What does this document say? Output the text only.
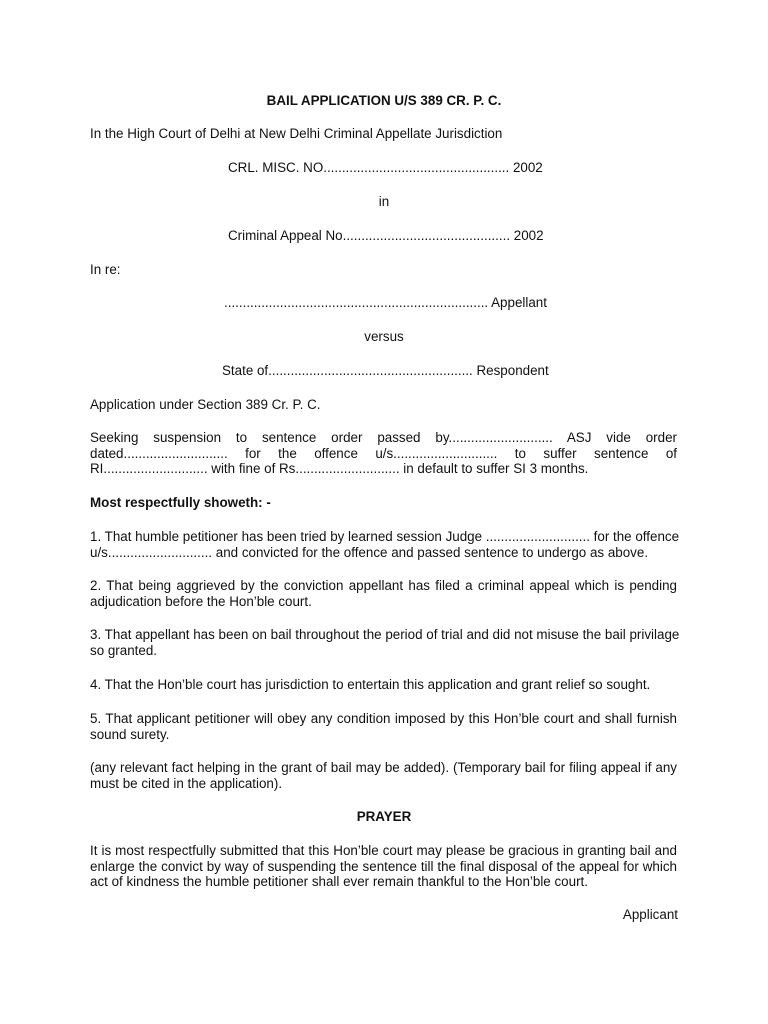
BAIL APPLICATION U/S 389 CR. P. C.
In the High Court of Delhi at New Delhi Criminal Appellate Jurisdiction
CRL. MISC. NO.................................................. 2002
in
Criminal Appeal No............................................. 2002
In re:
....................................................................... Appellant
versus
State of....................................................... Respondent
Application under Section 389 Cr. P. C.
Seeking suspension to sentence order passed by............................ ASJ vide order
dated............................ for the offence u/s............................ to suffer sentence of
RI............................ with fine of Rs............................ in default to suffer SI 3 months.
Most respectfully showeth: -
1. That humble petitioner has been tried by learned session Judge ............................ for the offence
u/s............................ and convicted for the offence and passed sentence to undergo as above.
2. That being aggrieved by the conviction appellant has filed a criminal appeal which is pending
adjudication before the Hon’ble court.
3. That appellant has been on bail throughout the period of trial and did not misuse the bail privilage
so granted.
4. That the Hon’ble court has jurisdiction to entertain this application and grant relief so sought.
5. That applicant petitioner will obey any condition imposed by this Hon’ble court and shall furnish
sound surety.
(any relevant fact helping in the grant of bail may be added). (Temporary bail for filing appeal if any
must be cited in the application).
PRAYER
It is most respectfully submitted that this Hon’ble court may please be gracious in granting bail and
enlarge the convict by way of suspending the sentence till the final disposal of the appeal for which
act of kindness the humble petitioner shall ever remain thankful to the Hon’ble court.
Applicant
